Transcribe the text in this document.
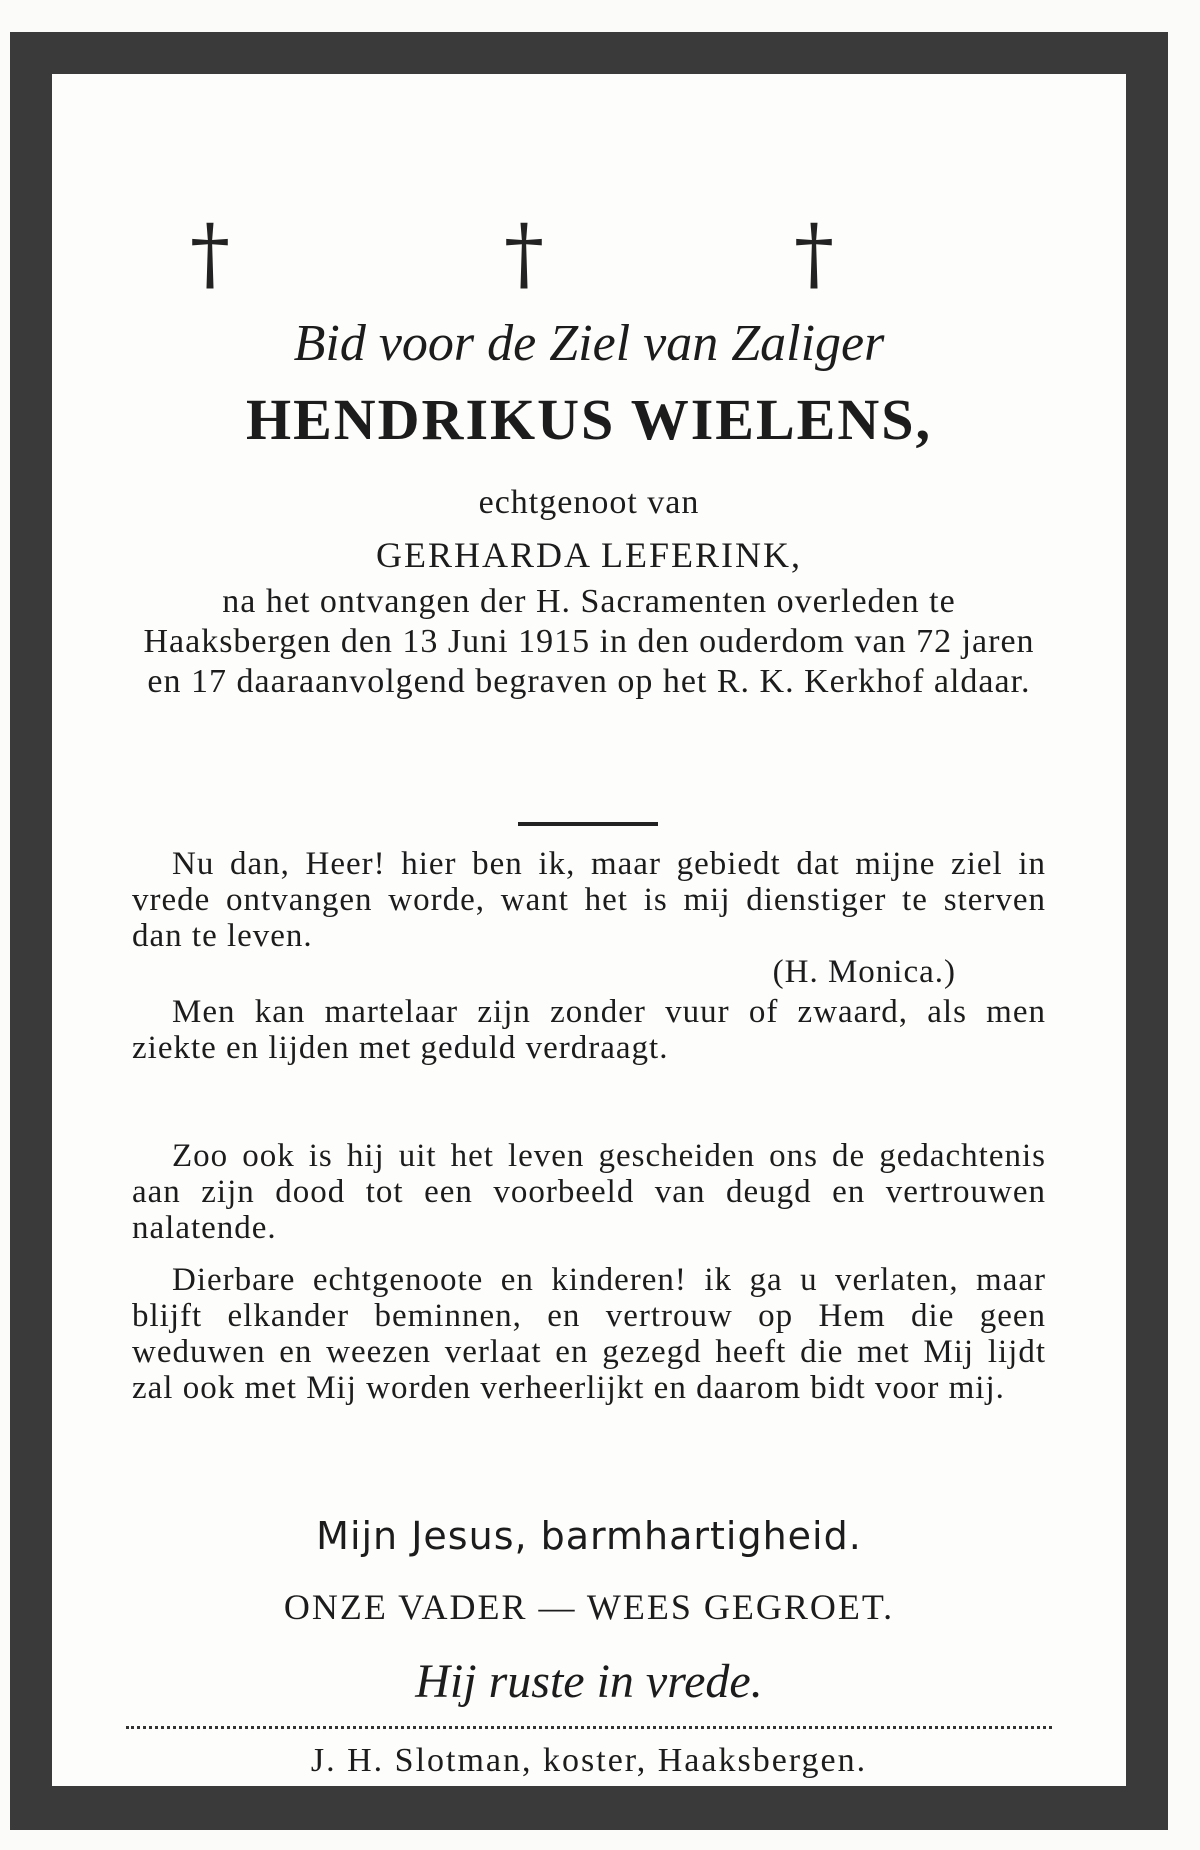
†	†	†
Bid voor de Ziel van Zaliger
HENDRIKUS WIELENS,
echtgenoot van
GERHARDA LEFERINK,
na het ontvangen der H. Sacramenten overleden te Haaksbergen den 13 Juni 1915 in den ouderdom van 72 jaren en 17 daaraanvolgend begraven op het R. K. Kerkhof aldaar.
Nu dan, Heer! hier ben ik, maar gebiedt dat mijne ziel in vrede ontvangen worde, want het is mij dienstiger te sterven dan te leven.
(H. Monica.)
Men kan martelaar zijn zonder vuur of zwaard, als men ziekte en lijden met geduld verdraagt.
Zoo ook is hij uit het leven gescheiden ons de gedachtenis aan zijn dood tot een voorbeeld van deugd en vertrouwen nalatende.
Dierbare echtgenoote en kinderen! ik ga u verlaten, maar blijft elkander beminnen, en vertrouw op Hem die geen weduwen en weezen verlaat en gezegd heeft die met Mij lijdt zal ook met Mij worden verheerlijkt en daarom bidt voor mij.
Mijn Jesus, barmhartigheid.
ONZE VADER — WEES GEGROET.
Hij ruste in vrede.
J. H. Slotman, koster, Haaksbergen.
